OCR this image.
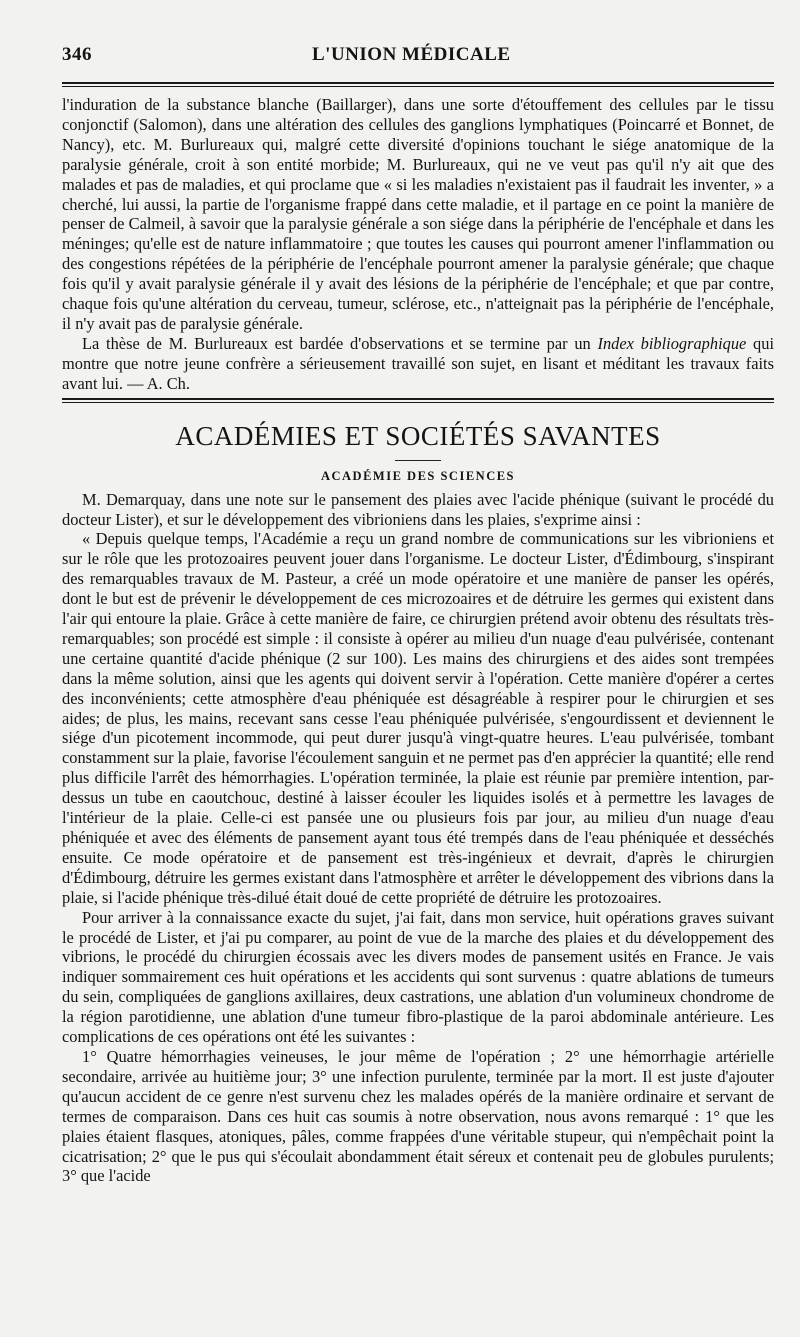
346	L'UNION MÉDICALE

l'induration de la substance blanche (Baillarger), dans une sorte d'étouffement des cellules par le tissu conjonctif (Salomon), dans une altération des cellules des ganglions lymphatiques (Poincarré et Bonnet, de Nancy), etc. M. Burlureaux qui, malgré cette diversité d'opinions touchant le siége anatomique de la paralysie générale, croit à son entité morbide; M. Burlureaux, qui ne ve veut pas qu'il n'y ait que des malades et pas de maladies, et qui proclame que « si les maladies n'existaient pas il faudrait les inventer, » a cherché, lui aussi, la partie de l'organisme frappé dans cette maladie, et il partage en ce point la manière de penser de Calmeil, à savoir que la paralysie générale a son siége dans la périphérie de l'encéphale et dans les méninges; qu'elle est de nature inflammatoire ; que toutes les causes qui pourront amener l'inflammation ou des congestions répétées de la périphérie de l'encéphale pourront amener la paralysie générale; que chaque fois qu'il y avait paralysie générale il y avait des lésions de la périphérie de l'encéphale; et que par contre, chaque fois qu'une altération du cerveau, tumeur, sclérose, etc., n'atteignait pas la périphérie de l'encéphale, il n'y avait pas de paralysie générale.

La thèse de M. Burlureaux est bardée d'observations et se termine par un Index bibliographique qui montre que notre jeune confrère a sérieusement travaillé son sujet, en lisant et méditant les travaux faits avant lui. — A. Ch.

ACADÉMIES ET SOCIÉTÉS SAVANTES
ACADÉMIE DES SCIENCES

M. Demarquay, dans une note sur le pansement des plaies avec l'acide phénique (suivant le procédé du docteur Lister), et sur le développement des vibrioniens dans les plaies, s'exprime ainsi :

« Depuis quelque temps, l'Académie a reçu un grand nombre de communications sur les vibrioniens et sur le rôle que les protozoaires peuvent jouer dans l'organisme. Le docteur Lister, d'Édimbourg, s'inspirant des remarquables travaux de M. Pasteur, a créé un mode opératoire et une manière de panser les opérés, dont le but est de prévenir le développement de ces microzoaires et de détruire les germes qui existent dans l'air qui entoure la plaie. Grâce à cette manière de faire, ce chirurgien prétend avoir obtenu des résultats très-remarquables; son procédé est simple : il consiste à opérer au milieu d'un nuage d'eau pulvérisée, contenant une certaine quantité d'acide phénique (2 sur 100). Les mains des chirurgiens et des aides sont trempées dans la même solution, ainsi que les agents qui doivent servir à l'opération. Cette manière d'opérer a certes des inconvénients; cette atmosphère d'eau phéniquée est désagréable à respirer pour le chirurgien et ses aides; de plus, les mains, recevant sans cesse l'eau phéniquée pulvérisée, s'engourdissent et deviennent le siége d'un picotement incommode, qui peut durer jusqu'à vingt-quatre heures. L'eau pulvérisée, tombant constamment sur la plaie, favorise l'écoulement sanguin et ne permet pas d'en apprécier la quantité; elle rend plus difficile l'arrêt des hémorrhagies. L'opération terminée, la plaie est réunie par première intention, par-dessus un tube en caoutchouc, destiné à laisser écouler les liquides isolés et à permettre les lavages de l'intérieur de la plaie. Celle-ci est pansée une ou plusieurs fois par jour, au milieu d'un nuage d'eau phéniquée et avec des éléments de pansement ayant tous été trempés dans de l'eau phéniquée et desséchés ensuite. Ce mode opératoire et de pansement est très-ingénieux et devrait, d'après le chirurgien d'Édimbourg, détruire les germes existant dans l'atmosphère et arrêter le développement des vibrions dans la plaie, si l'acide phénique très-dilué était doué de cette propriété de détruire les protozoaires.

Pour arriver à la connaissance exacte du sujet, j'ai fait, dans mon service, huit opérations graves suivant le procédé de Lister, et j'ai pu comparer, au point de vue de la marche des plaies et du développement des vibrions, le procédé du chirurgien écossais avec les divers modes de pansement usités en France. Je vais indiquer sommairement ces huit opérations et les accidents qui sont survenus : quatre ablations de tumeurs du sein, compliquées de ganglions axillaires, deux castrations, une ablation d'un volumineux chondrome de la région parotidienne, une ablation d'une tumeur fibro-plastique de la paroi abdominale antérieure. Les complications de ces opérations ont été les suivantes :

1° Quatre hémorrhagies veineuses, le jour même de l'opération ; 2° une hémorrhagie artérielle secondaire, arrivée au huitième jour; 3° une infection purulente, terminée par la mort. Il est juste d'ajouter qu'aucun accident de ce genre n'est survenu chez les malades opérés de la manière ordinaire et servant de termes de comparaison. Dans ces huit cas soumis à notre observation, nous avons remarqué : 1° que les plaies étaient flasques, atoniques, pâles, comme frappées d'une véritable stupeur, qui n'empêchait point la cicatrisation; 2° que le pus qui s'écoulait abondamment était séreux et contenait peu de globules purulents; 3° que l'acide
